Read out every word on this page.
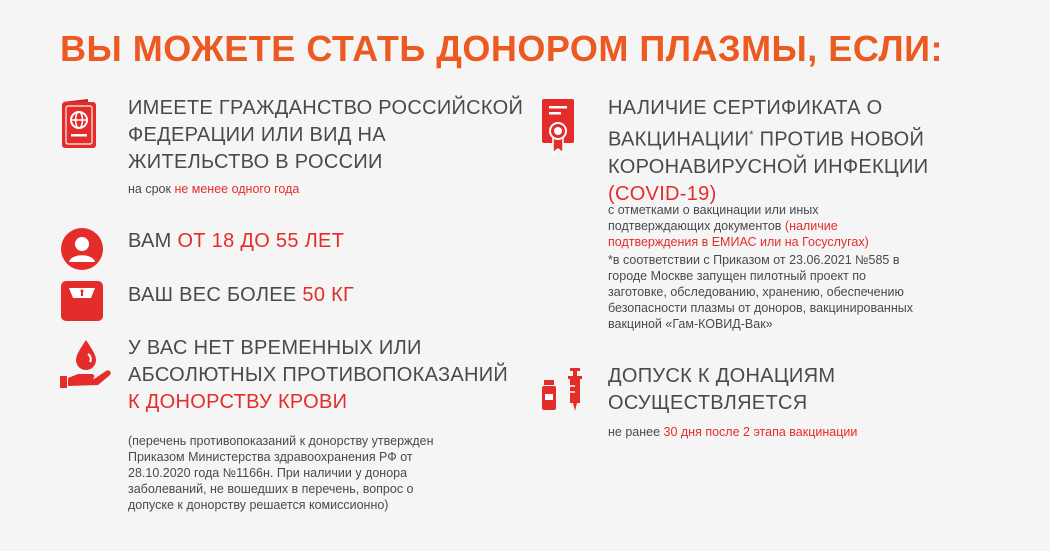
ВЫ МОЖЕТЕ СТАТЬ ДОНОРОМ ПЛАЗМЫ, ЕСЛИ:

ИМЕЕТЕ ГРАЖДАНСТВО РОССИЙСКОЙ
ФЕДЕРАЦИИ ИЛИ ВИД НА
ЖИТЕЛЬСТВО В РОССИИ

на срок не менее одного года

ВАМ ОТ 18 ДО 55 ЛЕТ

ВАШ ВЕС БОЛЕЕ 50 КГ

У ВАС НЕТ ВРЕМЕННЫХ ИЛИ
АБСОЛЮТНЫХ ПРОТИВОПОКАЗАНИЙ
К ДОНОРСТВУ КРОВИ

(перечень противопоказаний к донорству утвержден
Приказом Министерства здравоохранения РФ от
28.10.2020 года №1166н. При наличии у донора
заболеваний, не вошедших в перечень, вопрос о
допуске к донорству решается комиссионно)

НАЛИЧИЕ СЕРТИФИКАТА О
ВАКЦИНАЦИИ* ПРОТИВ НОВОЙ
КОРОНАВИРУСНОЙ ИНФЕКЦИИ
(COVID-19)

с отметками о вакцинации или иных
подтверждающих документов (наличие
подтверждения в ЕМИАС или на Госуслугах)

*в соответствии с Приказом от 23.06.2021 №585 в
городе Москве запущен пилотный проект по
заготовке, обследованию, хранению, обеспечению
безопасности плазмы от доноров, вакцинированных
вакциной «Гам-КОВИД-Вак»

ДОПУСК К ДОНАЦИЯМ
ОСУЩЕСТВЛЯЕТСЯ

не ранее 30 дня после 2 этапа вакцинации
